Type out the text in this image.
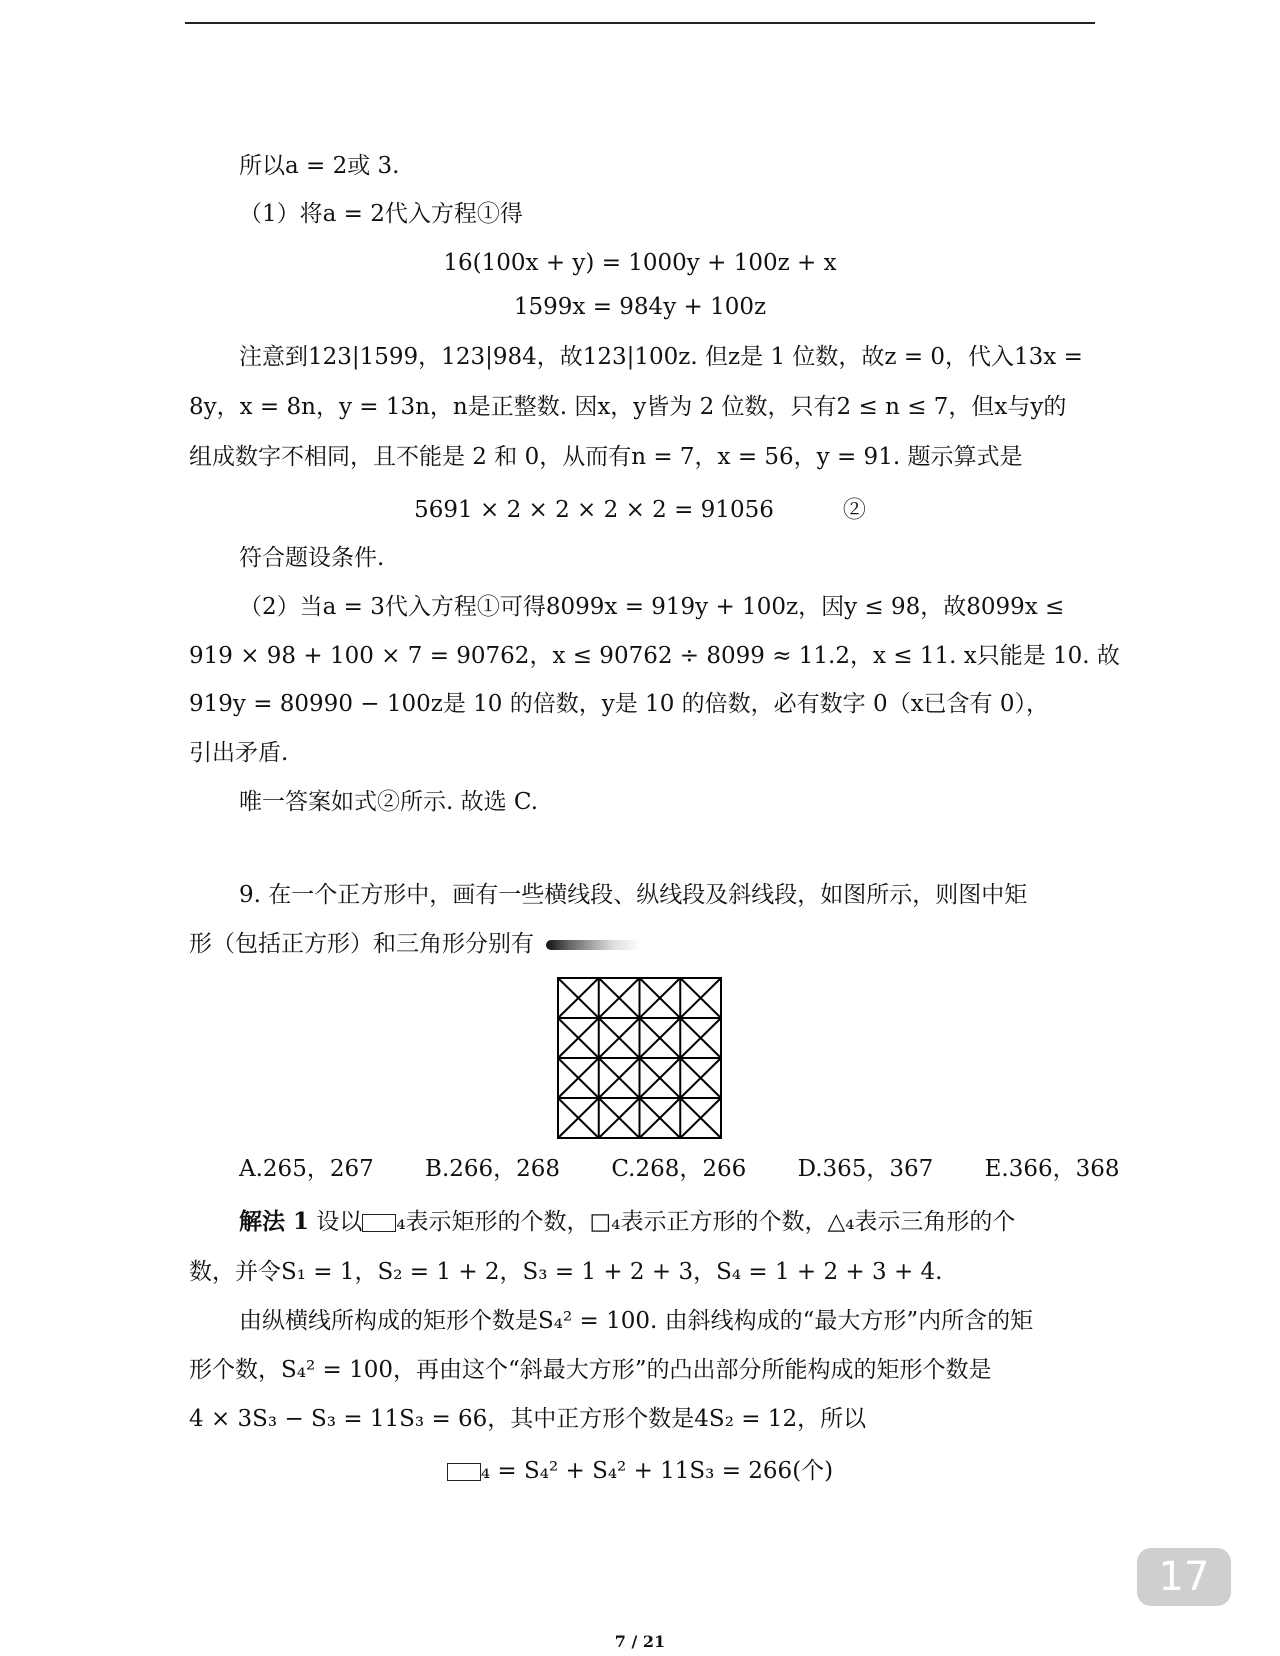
所以a = 2或 3.
（1）将a = 2代入方程①得
16(100x + y) = 1000y + 100z + x
1599x = 984y + 100z
注意到123|1599，123|984，故123|100z. 但z是 1 位数，故z = 0，代入13x =
8y，x = 8n，y = 13n，n是正整数. 因x，y皆为 2 位数，只有2 ≤ n ≤ 7，但x与y的
组成数字不相同，且不能是 2 和 0，从而有n = 7，x = 56，y = 91. 题示算式是
5691 × 2 × 2 × 2 × 2 = 91056　　　②
符合题设条件.
（2）当a = 3代入方程①可得8099x = 919y + 100z，因y ≤ 98，故8099x ≤
919 × 98 + 100 × 7 = 90762，x ≤ 90762 ÷ 8099 ≈ 11.2，x ≤ 11. x只能是 10. 故
919y = 80990 − 100z是 10 的倍数，y是 10 的倍数，必有数字 0（x已含有 0），
引出矛盾.
唯一答案如式②所示. 故选 C.
9. 在一个正方形中，画有一些横线段、纵线段及斜线段，如图所示，则图中矩
形（包括正方形）和三角形分别有
A.265，267 B.266，268 C.268，266 D.365，367 E.366，368
解法 1 设以 ₄表示矩形的个数，□₄表示正方形的个数，△₄表示三角形的个
数，并令S₁ = 1，S₂ = 1 + 2，S₃ = 1 + 2 + 3，S₄ = 1 + 2 + 3 + 4.
由纵横线所构成的矩形个数是S₄² = 100. 由斜线构成的“最大方形”内所含的矩
形个数，S₄² = 100，再由这个“斜最大方形”的凸出部分所能构成的矩形个数是
4 × 3S₃ − S₃ = 11S₃ = 66，其中正方形个数是4S₂ = 12，所以
₄ = S₄² + S₄² + 11S₃ = 266(个)
17
7 / 21
